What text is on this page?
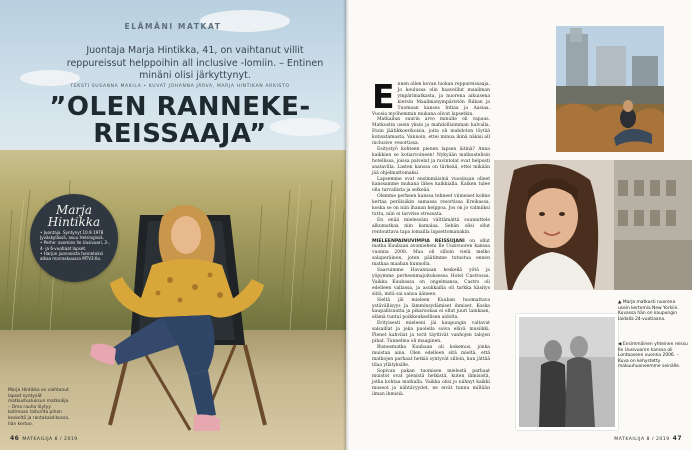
ELÄMÄNI MATKAT
Juontaja Marja Hintikka, 41, on vaihtanut villit reppureissut helppoihin all inclusive -lomiin. – Entinen minäni olisi järkyttynyt.
TEKSTI SUSANNA MAKILA • KUVAT JOHANNA JÄRVA, MARJA HINTIKAN ARKISTO
”OLEN RANNEKE-
REISSAAJA”
Marja
Hintikka
• Juontaja. Syntynyt 10.9.1978 Jyväskylässä, asuu Helsingissä.
• Perhe: avomies Ile Uusivuori, 2-, 4- ja 6-vuotiaat lapset.
• Harjun juonnoista tunnetuksi alkaa marraskuussa MTV3:lla.
Marja Hintikka on vaihtanut lapset syntyvät matkustusluksun matkailija. – Oma rauha löytyy kotimaan laiturilta pihan keskeltä ja rantakaislikossa, hän kertoo.
46 MATKAILIJA 8 / 2019

Ennen ollen kovan luokan reppureissaaja. Jo koulussa olin haaveillut maailman ympärimatkasta, ja nuorena aikuisena kiersin Maailmanympäristön Riikan ja Tuomaan kanssa Intiaa ja Aasiaa. Vuosia myöhemmin mukana olivat lapsetkin.

Matkailun suurin arvo minulle oli vapaus. Matkustin usein yksin ja mahdollisimman halvalla. Etsin jäätikkoerikoisia, joita oli mahdoton löytää kotisatamasta. Vannoin, ettei minua ikinä näkisi all inclusive -resortissa.

Esitystyö kohteen pienen lapsen äitinä? Anna kaikkien se kotiarvoineen! Nykyään matkustelisin hotellissa, joissa palvelut ja ravintolat ovat helposti saatavilla. Lasten kanssa on tärkeää, ettei mikään jää ohjelmattomaksi.

Lapsemme ovat ensimmäisinä vuosinaan olleet kanssamme mukana lähes kaikkialla. Kaiken tulee olla turvallista ja selkeää.

Olemme perheen kanssa tehneet viimeiset kolme kertaa perilisäkin samassa resortissa Kreikassa, koska se on niin ihanan helppoa. Jos on jo valmiiksi tuttu, niin ei tarvitse stressata.

En enää mielessäni välttämättä suunnittele alkumatkaa niin kamalaa. Sehän olisi ollut rentouttava tapa lomailla lapsettomanakin.

MIELEENPAINUVIMPIA REISSUJANI on ollut matka Kuubaan avomieheni Ile Uusivuoren kanssa vuonna 2008. Maa oli silloin vielä melko salaperäinen, joten päätimme tutustua ennen matkaa maahan kunnolla.

Saavuimme Havannaan keskellä yötä ja yöpymme perheenmajoituksessa Hotel Castrossa. Vaikka Kuubassa on ongelmansa, Castro oli edelleen vallassa, ja asukkailla oli tarkka käsitys siitä, mitä sai sanoa ääneen.

Sieltä jäi mieleen Kuuban huomattava ystävällisyys ja lämminsydämiset ihmiset. Koska kaupallisuutta ja pikaruokaa ei ollut juuri lainkaan, elämä tuntui poikkeuksellisen aidolta.

Erityisesti mieleeni jäi kaupungin valtavat salsaillat ja joka puolella soiva elävä musiikki. Pienet kahvilat ja torit täyttivät vanhojen talojen pihat. Tunnelma oli maaginen.

Bisnesmatka Kuubaan oli kokemus, jonka muistan aina. Olen edelleen sitä mieltä, että matkojen parhaat hetkiä syntyvät silloin, kun jättää tilaa yllätyksille.

Sopivan pakan tuomisen mielestä parhaat muistot ovat pienistä hetkistä, kuten ihmisistä, jotka kohtaa matkalla. Vaikka olisi jo nähnyt kaikki museot ja nähtävyydet, ne eivät tunnu miltään ilman ihmisiä.

▲ Marja matkusti nuorena usein kertomia New Yorkiin. Kuvassa hän on kaupungin laidalla 24-vuotiaana.
◀ Ensimmäinen yhteinen reissu Ile Uusivuoren kanssa oli Lontooseen vuonna 2006. – Kuva on kehystetty makuuhuoneemme seinälle.
MATKAILIJA 8 / 2019 47
